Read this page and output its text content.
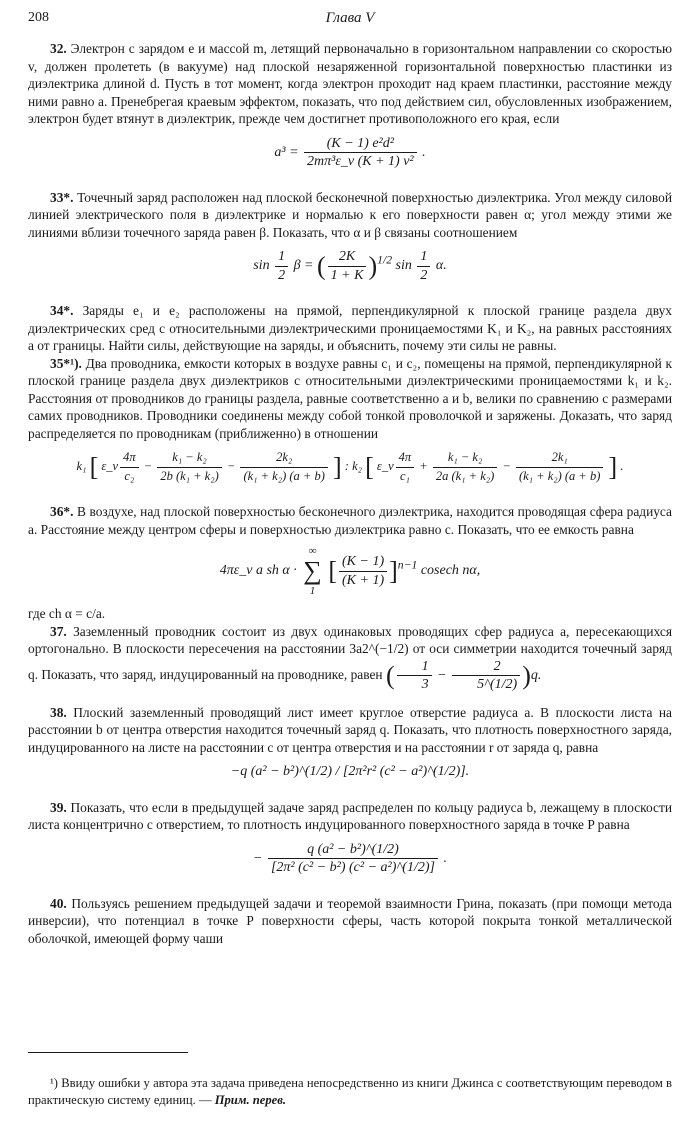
208	Глава V

32. Электрон с зарядом e и массой m, летящий первоначально в горизонтальном направлении со скоростью v, должен пролететь (в вакууме) над плоской незаряженной горизонтальной поверхностью пластинки из диэлектрика длиной d. Пусть в тот момент, когда электрон проходит над краем пластинки, расстояние между ними равно a. Пренебрегая краевым эффектом, показать, что под действием сил, обусловленных изображением, электрон будет втянут в диэлектрик, прежде чем достигнет противоположного его края, если

$a^3 = \frac{\text{(K − 1) e²d²}}{\text{2mπ³ε\_v (K + 1) v²}}$ .

33*. Точечный заряд расположен над плоской бесконечной поверхностью диэлектрика. Угол между силовой линией электрического поля в диэлектрике и нормалью к его поверхности равен α; угол между этими же линиями вблизи точечного заряда равен β. Показать, что α и β связаны соотношением

$\sin \frac{1}{2}$ β = ( $\frac{2K}{1 + K} )^{1/2}$ $\sin \frac{1}{2} \alpha$.

34*. Заряды e₁ и e₂ расположены на прямой, перпендикулярной к плоской границе раздела двух диэлектрических сред с относительными диэлектрическими проницаемостями K₁ и K₂, на равных расстояниях a от границы. Найти силы, действующие на заряды, и объяснить, почему эти силы не равны.

35*¹). Два проводника, емкости которых в воздухе равны c₁ и c₂, помещены на прямой, перпендикулярной к плоской границе раздела двух диэлектриков с относительными диэлектрическими проницаемостями k₁ и k₂. Расстояния от проводников до границы раздела, равные соответственно a и b, велики по сравнению с размерами самих проводников. Проводники соединены между собой тонкой проволочкой и заряжены. Доказать, что заряд распределяется по проводникам (приближенно) в отношении

k₁ [ ε_v $\frac{4\pi}{\text{c₂}} - \frac{\text{k₁ − k₂}}{\text{2b (k₁ + k₂)}} - \frac{\text{2k₂}}{\text{(k₁ + k₂) (a + b)}}$ ] : k₂ [ ε_v $\frac{4\pi}{\text{c₁}} + \frac{\text{k₁ − k₂}}{\text{2a (k₁ + k₂)}} - \frac{\text{2k₁}}{\text{(k₁ + k₂) (a + b)}}$ ] .

36*. В воздухе, над плоской поверхностью бесконечного диэлектрика, находится проводящая сфера радиуса a. Расстояние между центром сферы и поверхностью диэлектрика равно c. Показать, что ее емкость равна

4πε_v a sh α ·
∞
∑
1
[ $\frac{(K - 1)}{(K + 1)} ]^{n-1}$ cosech nα,

где ch α = c/a.

37. Заземленный проводник состоит из двух одинаковых проводящих сфер радиуса a, пересекающихся ортогонально. В плоскости пересечения на расстоянии 3a2^(−1/2) от оси симметрии находится точечный заряд q. Показать, что заряд, индуцированный на проводнике, равен ( $\frac{1}{3} - \frac{2}{5\^{}(1/2)} )q$.

38. Плоский заземленный проводящий лист имеет круглое отверстие радиуса a. В плоскости листа на расстоянии b от центра отверстия находится точечный заряд q. Показать, что плотность поверхностного заряда, индуцированного на листе на расстоянии c от центра отверстия и на расстоянии r от заряда q, равна

−q (a² − b²)^(1/2) / [2π²r² (c² − a²)^(1/2)].

39. Показать, что если в предыдущей задаче заряд распределен по кольцу радиуса b, лежащему в плоскости листа концентрично с отверстием, то плотность индуцированного поверхностного заряда в точке P равна

− $\frac{\text{q (a² − b²)\textasciicircum{}(1/2)}}{\text{[2π² (c² − b²) (c² − a²)\textasciicircum{}(1/2)]}}$ .

40. Пользуясь решением предыдущей задачи и теоремой взаимности Грина, показать (при помощи метода инверсии), что потенциал в точке P поверхности сферы, часть которой покрыта тонкой металлической оболочкой, имеющей форму чаши

¹) Ввиду ошибки у автора эта задача приведена непосредственно из книги Джинса с соответствующим переводом в практическую систему единиц. — Прим. перев.
